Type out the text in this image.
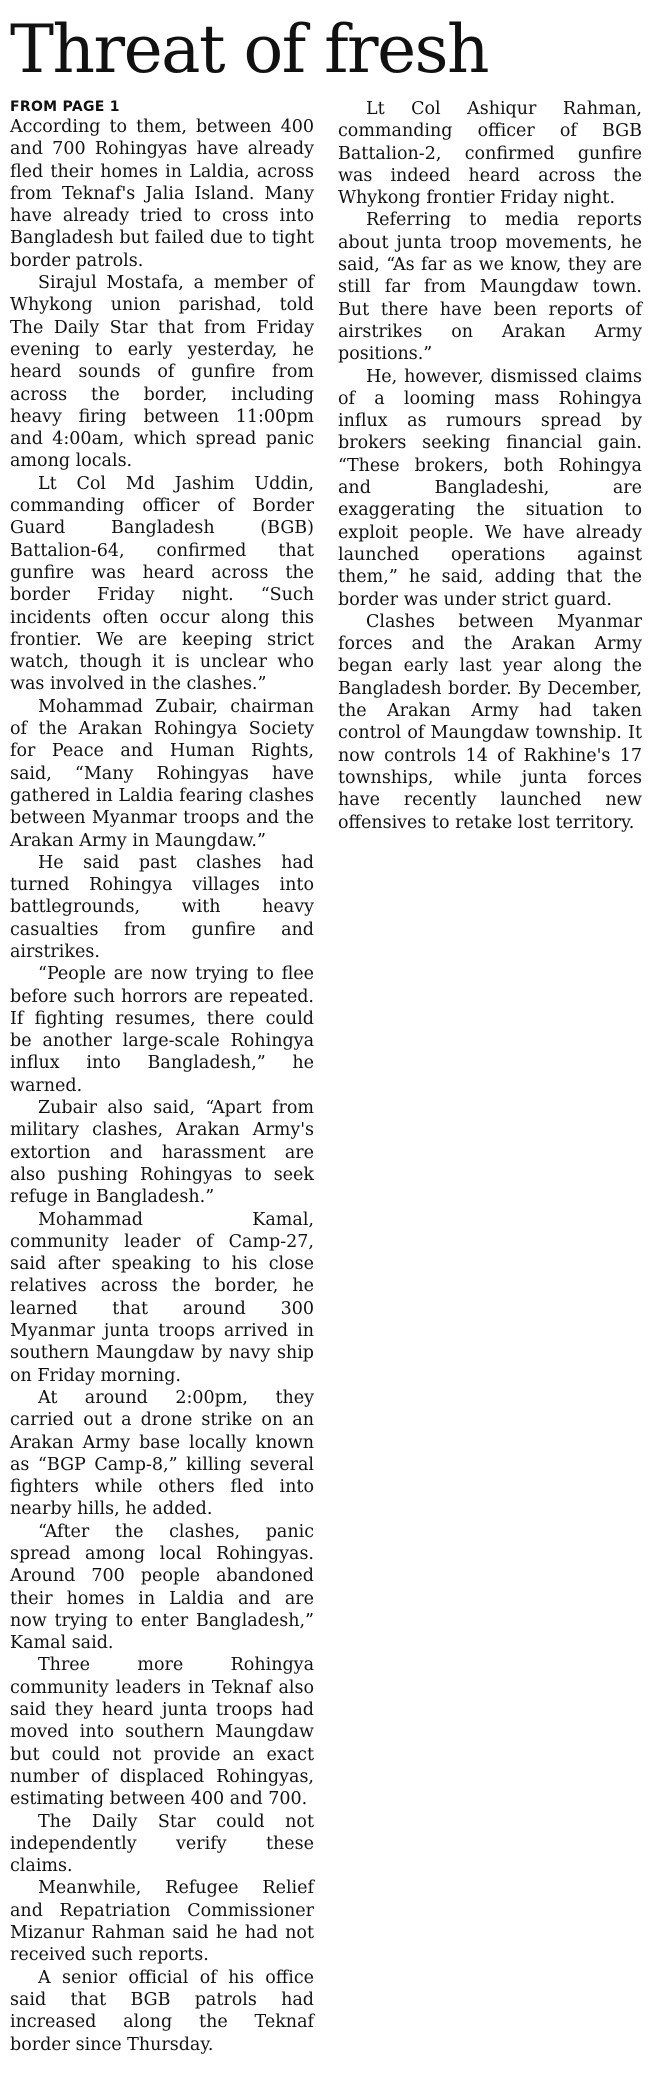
Threat of fresh

FROM PAGE 1

According to them, between 400 and 700 Rohingyas have already fled their homes in Laldia, across from Teknaf's Jalia Island. Many have already tried to cross into Bangladesh but failed due to tight border patrols.

Sirajul Mostafa, a member of Whykong union parishad, told The Daily Star that from Friday evening to early yesterday, he heard sounds of gunfire from across the border, including heavy firing between 11:00pm and 4:00am, which spread panic among locals.

Lt Col Md Jashim Uddin, commanding officer of Border Guard Bangladesh (BGB) Battalion-64, confirmed that gunfire was heard across the border Friday night. “Such incidents often occur along this frontier. We are keeping strict watch, though it is unclear who was involved in the clashes.”

Mohammad Zubair, chairman of the Arakan Rohingya Society for Peace and Human Rights, said, “Many Rohingyas have gathered in Laldia fearing clashes between Myanmar troops and the Arakan Army in Maungdaw.”

He said past clashes had turned Rohingya villages into battlegrounds, with heavy casualties from gunfire and airstrikes.

“People are now trying to flee before such horrors are repeated. If fighting resumes, there could be another large-scale Rohingya influx into Bangladesh,” he warned.

Zubair also said, “Apart from military clashes, Arakan Army's extortion and harassment are also pushing Rohingyas to seek refuge in Bangladesh.”

Mohammad Kamal, community leader of Camp-27, said after speaking to his close relatives across the border, he learned that around 300 Myanmar junta troops arrived in southern Maungdaw by navy ship on Friday morning.

At around 2:00pm, they carried out a drone strike on an Arakan Army base locally known as “BGP Camp-8,” killing several fighters while others fled into nearby hills, he added.

“After the clashes, panic spread among local Rohingyas. Around 700 people abandoned their homes in Laldia and are now trying to enter Bangladesh,” Kamal said.

Three more Rohingya community leaders in Teknaf also said they heard junta troops had moved into southern Maungdaw but could not provide an exact number of displaced Rohingyas, estimating between 400 and 700.

The Daily Star could not independently verify these claims.

Meanwhile, Refugee Relief and Repatriation Commissioner Mizanur Rahman said he had not received such reports.

A senior official of his office said that BGB patrols had increased along the Teknaf border since Thursday.

Lt Col Ashiqur Rahman, commanding officer of BGB Battalion-2, confirmed gunfire was indeed heard across the Whykong frontier Friday night.

Referring to media reports about junta troop movements, he said, “As far as we know, they are still far from Maungdaw town. But there have been reports of airstrikes on Arakan Army positions.”

He, however, dismissed claims of a looming mass Rohingya influx as rumours spread by brokers seeking financial gain. “These brokers, both Rohingya and Bangladeshi, are exaggerating the situation to exploit people. We have already launched operations against them,” he said, adding that the border was under strict guard.

Clashes between Myanmar forces and the Arakan Army began early last year along the Bangladesh border. By December, the Arakan Army had taken control of Maungdaw township. It now controls 14 of Rakhine's 17 townships, while junta forces have recently launched new offensives to retake lost territory.
